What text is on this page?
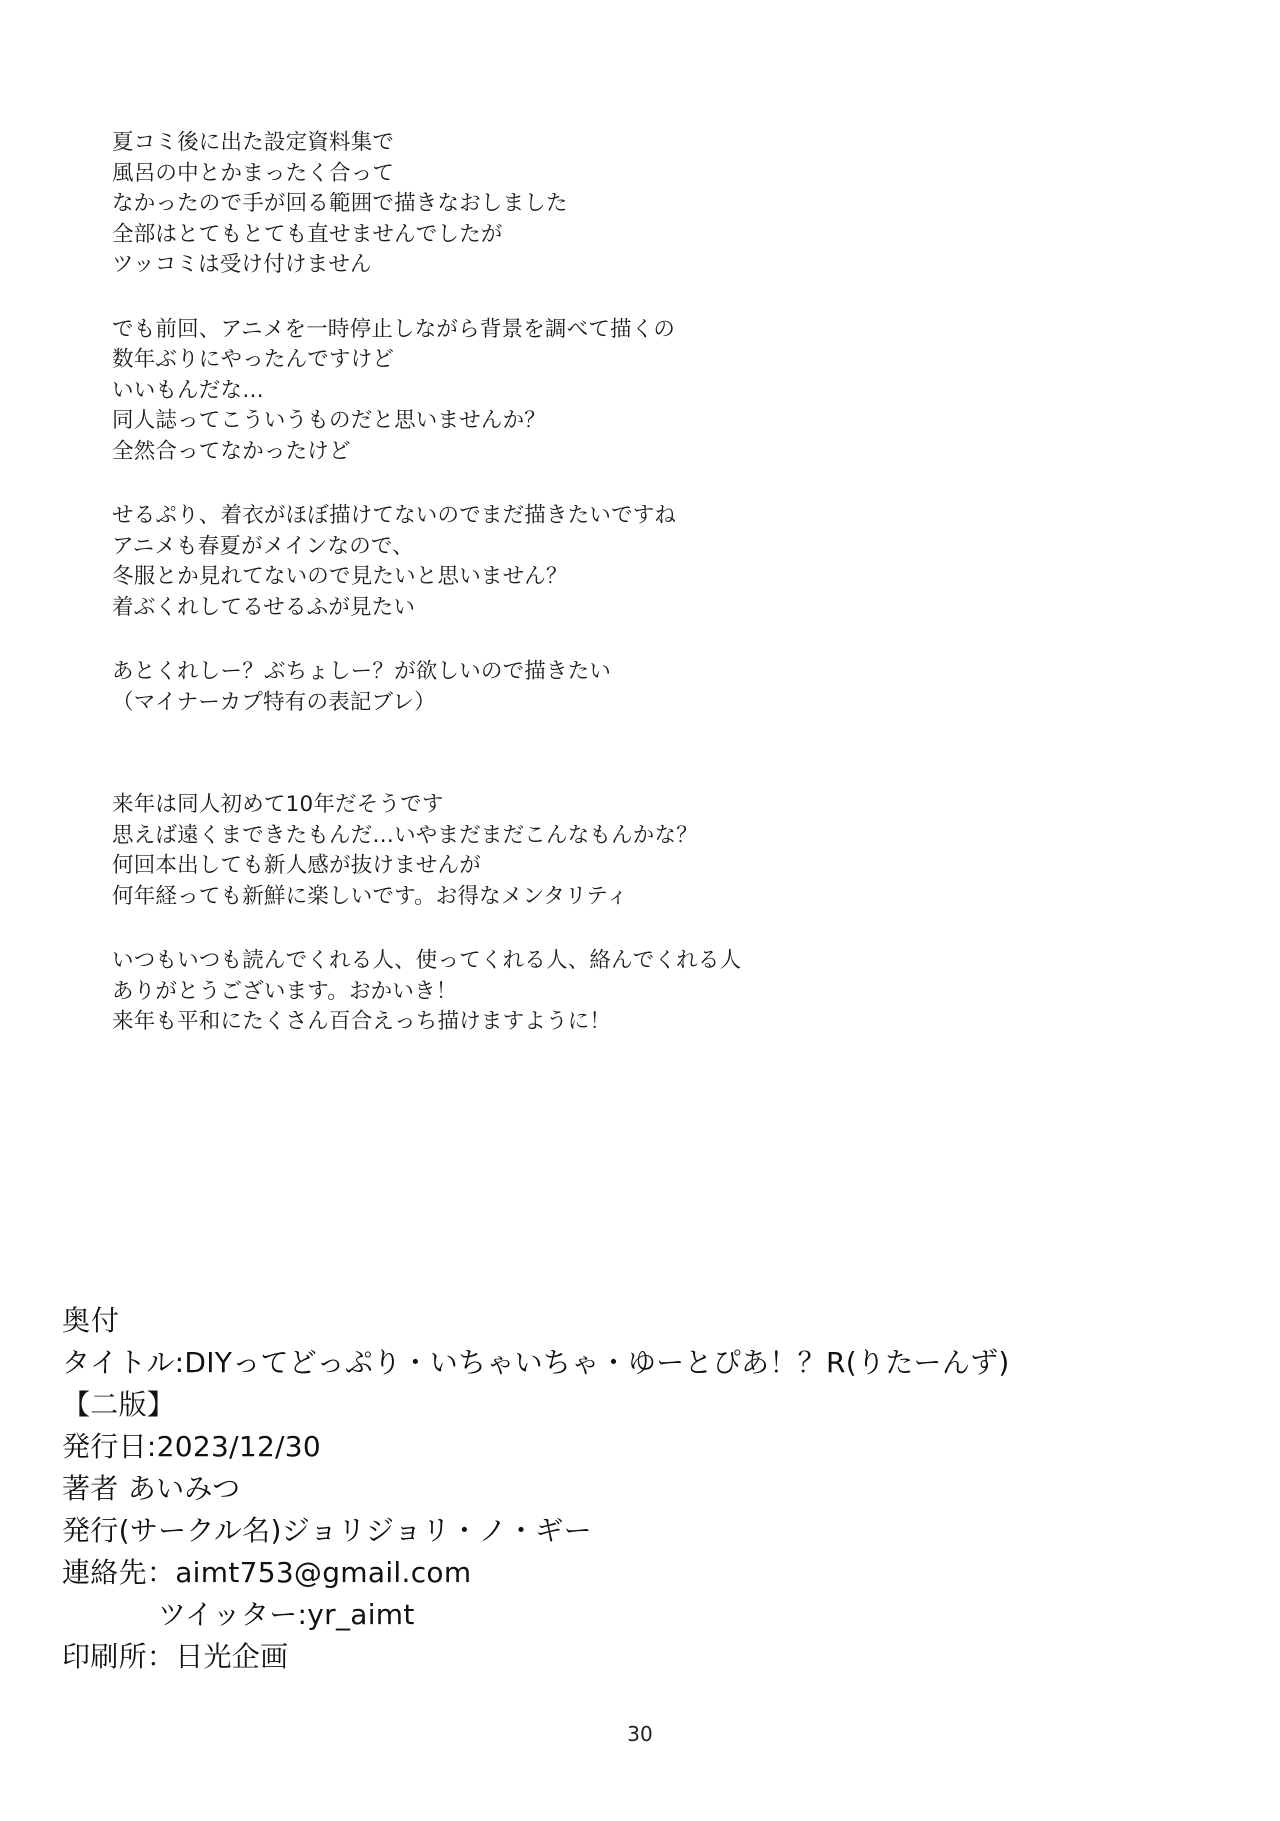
夏コミ後に出た設定資料集で
風呂の中とかまったく合って
なかったので手が回る範囲で描きなおしました
全部はとてもとても直せませんでしたが
ツッコミは受け付けません
でも前回、アニメを一時停止しながら背景を調べて描くの
数年ぶりにやったんですけど
いいもんだな…
同人誌ってこういうものだと思いませんか？
全然合ってなかったけど
せるぷり、着衣がほぼ描けてないのでまだ描きたいですね
アニメも春夏がメインなので、
冬服とか見れてないので見たいと思いません？
着ぶくれしてるせるふが見たい
あとくれしー？ぶちょしー？が欲しいので描きたい
（マイナーカプ特有の表記ブレ）
来年は同人初めて10年だそうです
思えば遠くまできたもんだ…いやまだまだこんなもんかな？
何回本出しても新人感が抜けませんが
何年経っても新鮮に楽しいです。お得なメンタリティ
いつもいつも読んでくれる人、使ってくれる人、絡んでくれる人
ありがとうございます。おかいき！
来年も平和にたくさん百合えっち描けますように！
奥付
タイトル:DIYってどっぷり・いちゃいちゃ・ゆーとぴあ！？R(りたーんず)
【二版】
発行日:2023/12/30
著者 あいみつ
発行(サークル名)ジョリジョリ・ノ・ギー
連絡先：aimt753@gmail.com
ツイッター:yr_aimt
印刷所：日光企画
30
